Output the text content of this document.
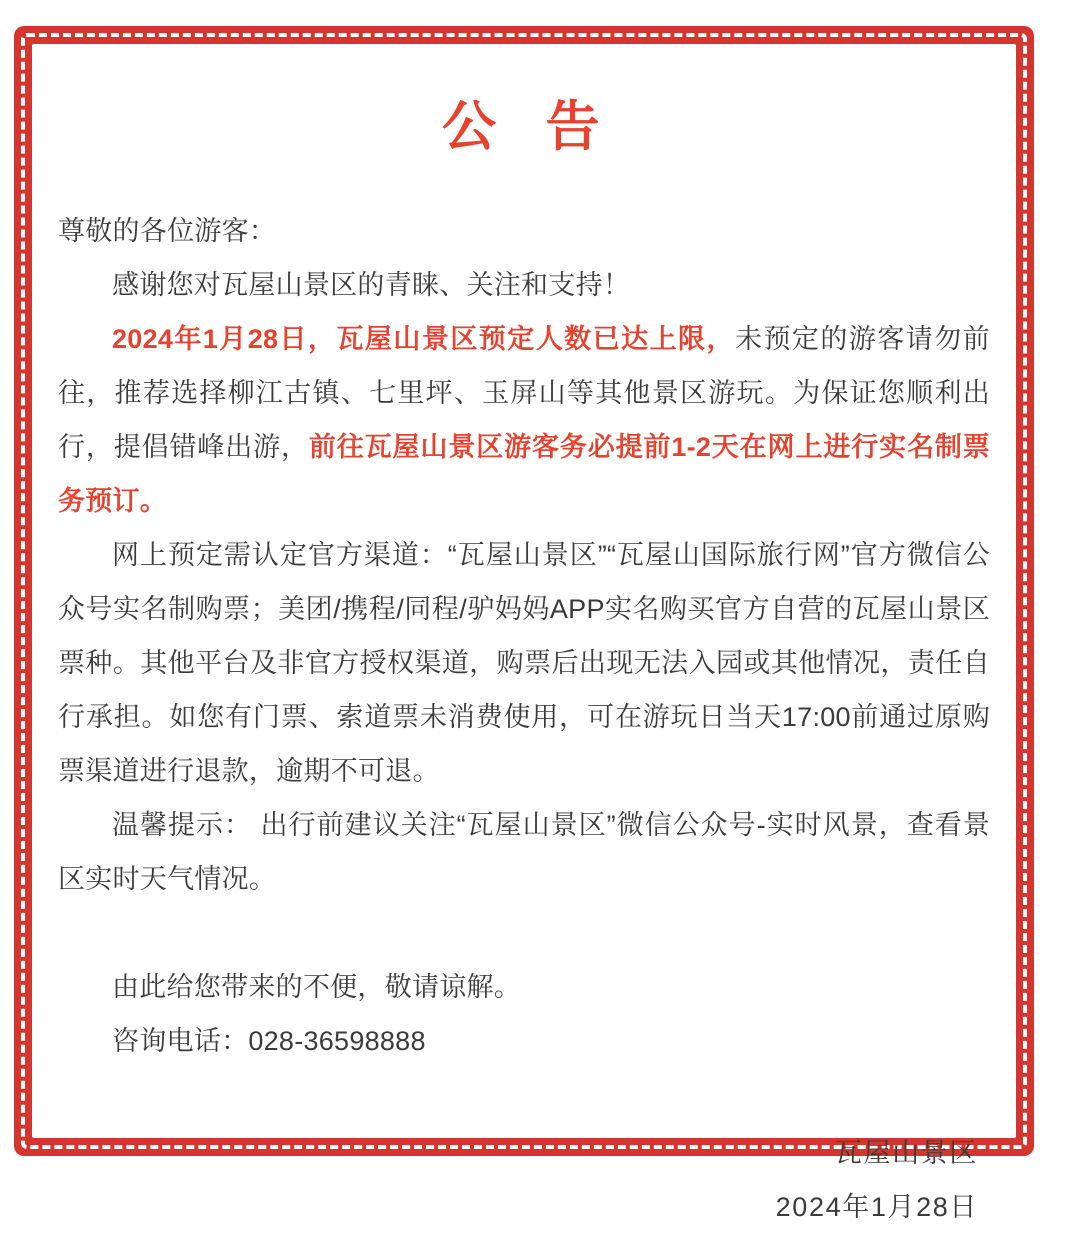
公  告

尊敬的各位游客：

感谢您对瓦屋山景区的青睐、关注和支持！

2024年1月28日，瓦屋山景区预定人数已达上限，未预定的游客请勿前往，推荐选择柳江古镇、七里坪、玉屏山等其他景区游玩。为保证您顺利出行，提倡错峰出游，前往瓦屋山景区游客务必提前1-2天在网上进行实名制票务预订。

网上预定需认定官方渠道：“瓦屋山景区”“瓦屋山国际旅行网”官方微信公众号实名制购票；美团/携程/同程/驴妈妈APP实名购买官方自营的瓦屋山景区票种。其他平台及非官方授权渠道，购票后出现无法入园或其他情况，责任自行承担。如您有门票、索道票未消费使用，可在游玩日当天17:00前通过原购票渠道进行退款，逾期不可退。

温馨提示： 出行前建议关注“瓦屋山景区”微信公众号-实时风景，查看景区实时天气情况。

由此给您带来的不便，敬请谅解。

咨询电话：028-36598888

瓦屋山景区
2024年1月28日
